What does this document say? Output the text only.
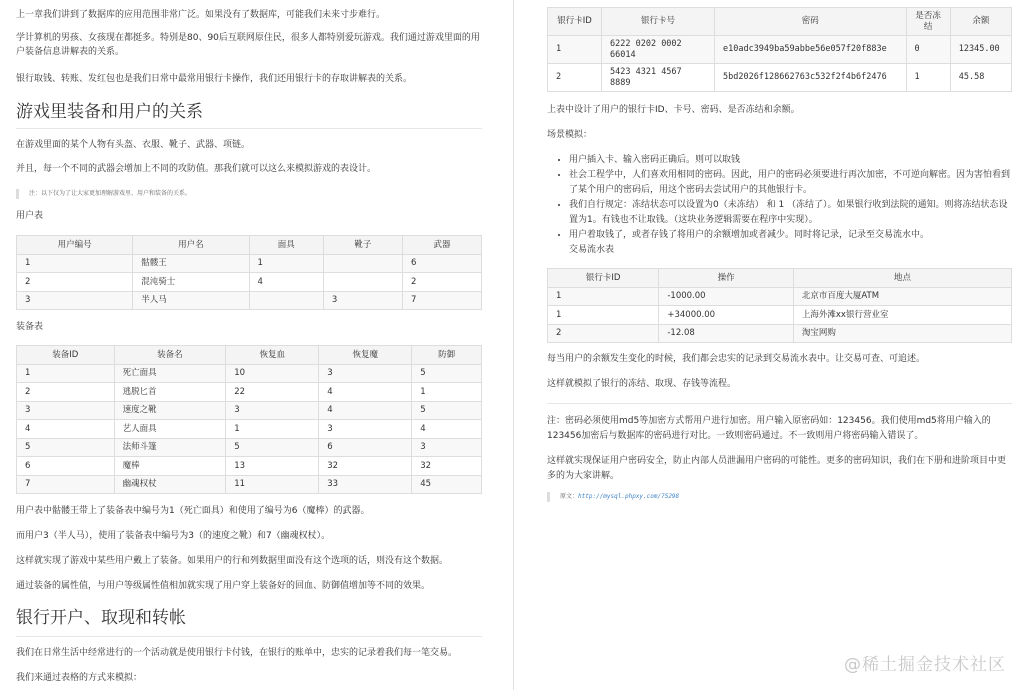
上一章我们讲到了数据库的应用范围非常广泛。如果没有了数据库，可能我们未来寸步难行。

学计算机的男孩、女孩现在都挺多。特别是80、90后互联网原住民，很多人都特别爱玩游戏。我们通过游戏里面的用户装备信息讲解表的关系。

银行取钱、转账、发红包也是我们日常中最常用银行卡操作，我们还用银行卡的存取讲解表的关系。

游戏里装备和用户的关系

在游戏里面的某个人物有头盔、衣服、靴子、武器、项链。

并且，每一个不同的武器会增加上不同的攻防值。那我们就可以这么来模拟游戏的表设计。

注：以下仅为了让大家更加理解游戏里、用户和装备的关系。

用户表

用户编号	用户名	面具	靴子	武器
1	骷髅王	1		6
2	混沌骑士	4		2
3	半人马		3	7

装备表

装备ID	装备名	恢复血	恢复魔	防御
1	死亡面具	10	3	5
2	逃脱匕首	22	4	1
3	速度之靴	3	4	5
4	艺人面具	1	3	4
5	法师斗篷	5	6	3
6	魔棒	13	32	32
7	幽魂权杖	11	33	45

用户表中骷髅王带上了装备表中编号为1（死亡面具）和使用了编号为6（魔棒）的武器。

而用户3（半人马），使用了装备表中编号为3（的速度之靴）和7（幽魂权杖）。

这样就实现了游戏中某些用户戴上了装备。如果用户的行和列数据里面没有这个选项的话，则没有这个数据。

通过装备的属性值，与用户等级属性值相加就实现了用户穿上装备好的回血、防御值增加等不同的效果。

银行开户、取现和转帐

我们在日常生活中经常进行的一个活动就是使用银行卡付钱，在银行的账单中，忠实的记录着我们每一笔交易。

我们来通过表格的方式来模拟：

银行卡ID	银行卡号	密码	是否冻结	余额
1	6222 0202 0002 66014	e10adc3949ba59abbe56e057f20f883e	0	12345.00
2	5423 4321 4567 8889	5bd2026f128662763c532f2f4b6f2476	1	45.58

上表中设计了用户的银行卡ID、卡号、密码、是否冻结和余额。

场景模拟：

• 用户插入卡、输入密码正确后。则可以取钱
• 社会工程学中，人们喜欢用相同的密码。因此，用户的密码必须要进行再次加密，不可逆向解密。因为害怕看到了某个用户的密码后，用这个密码去尝试用户的其他银行卡。
• 我们自行规定：冻结状态可以设置为0（未冻结） 和 1 （冻结了）。如果银行收到法院的通知。则将冻结状态设置为1。有钱也不让取钱。（这块业务逻辑需要在程序中实现）。
• 用户着取钱了，或者存钱了将用户的余额增加或者减少。同时将记录，记录至交易流水中。
交易流水表
银行卡ID	操作	地点
1	-1000.00	北京市百度大厦ATM
1	+34000.00	上海外滩xx银行营业室
2	-12.08	淘宝网购

每当用户的余额发生变化的时候，我们都会忠实的记录到交易流水表中。让交易可查、可追述。

这样就模拟了银行的冻结、取现、存钱等流程。

注：密码必须使用md5等加密方式帮用户进行加密。用户输入原密码如：123456。我们使用md5将用户输入的123456加密后与数据库的密码进行对比。一致则密码通过。不一致则用户将密码输入错误了。

这样就实现保证用户密码安全，防止内部人员泄漏用户密码的可能性。更多的密码知识，我们在下册和进阶项目中更多的为大家讲解。

原文：http://mysql.phpxy.com/75298
@稀土掘金技术社区
